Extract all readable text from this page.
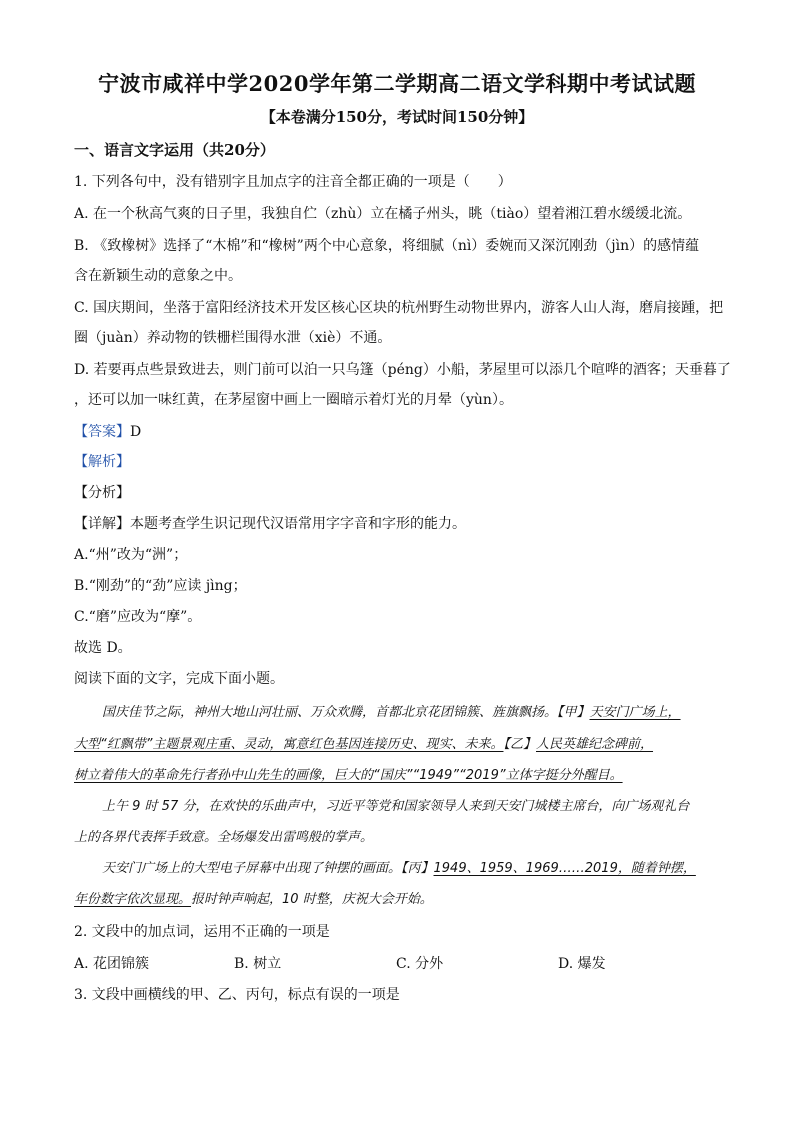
宁波市咸祥中学2020学年第二学期高二语文学科期中考试试题
【本卷满分150分，考试时间150分钟】
一、语言文字运用（共20分）
1. 下列各句中，没有错别字且加点字的注音全都正确的一项是（　　）
A. 在一个秋高气爽的日子里，我独自伫（zhù）立在橘子州头，眺（tiào）望着湘江碧水缓缓北流。
B. 《致橡树》选择了“木棉”和“橡树”两个中心意象，将细腻（nì）委婉而又深沉刚劲（jìn）的感情蕴
含在新颖生动的意象之中。
C. 国庆期间，坐落于富阳经济技术开发区核心区块的杭州野生动物世界内，游客人山人海，磨肩接踵，把
圈（juàn）养动物的铁栅栏围得水泄（xiè）不通。
D. 若要再点些景致进去，则门前可以泊一只乌篷（péng）小船，茅屋里可以添几个喧哗的酒客；天垂暮了
，还可以加一味红黄，在茅屋窗中画上一圈暗示着灯光的月晕（yùn）。
【答案】D
【解析】
【分析】
【详解】本题考查学生识记现代汉语常用字字音和字形的能力。
A.“州”改为“洲”；
B.“刚劲”的“劲”应读 jìng；
C.“磨”应改为“摩”。
故选 D。
阅读下面的文字，完成下面小题。
国庆佳节之际，神州大地山河壮丽、万众欢腾，首都北京花团锦簇、旌旗飘扬。【甲】天安门广场上，
大型“红飘带”主题景观庄重、灵动，寓意红色基因连接历史、现实、未来。【乙】人民英雄纪念碑前，
树立着伟大的革命先行者孙中山先生的画像，巨大的“国庆”“1949”“2019”立体字挺分外醒目。
上午 9 时 57 分，在欢快的乐曲声中，习近平等党和国家领导人来到天安门城楼主席台，向广场观礼台
上的各界代表挥手致意。全场爆发出雷鸣般的掌声。
天安门广场上的大型电子屏幕中出现了钟摆的画面。【丙】1949、1959、1969……2019，随着钟摆，
年份数字依次显现。报时钟声响起，10 时整，庆祝大会开始。
2. 文段中的加点词，运用不正确的一项是
A. 花团锦簇	B. 树立	C. 分外	D. 爆发
3. 文段中画横线的甲、乙、丙句，标点有误的一项是
